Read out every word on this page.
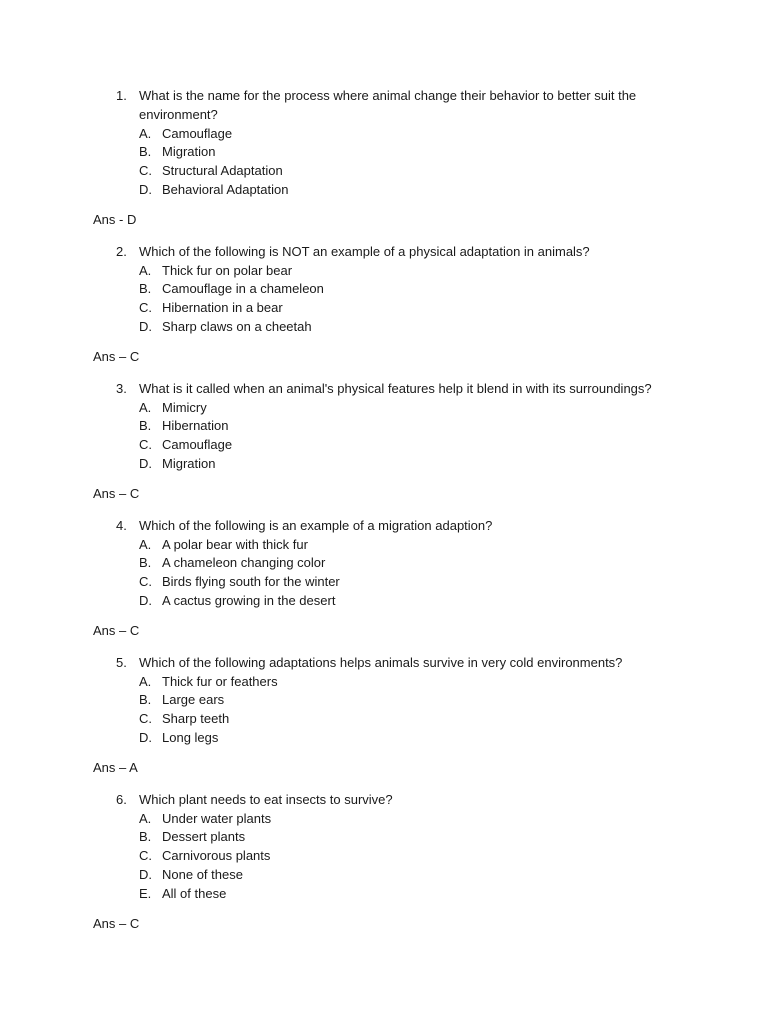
1. What is the name for the process where animal change their behavior to better suit the environment?
A. Camouflage
B. Migration
C. Structural Adaptation
D. Behavioral Adaptation
Ans - D
2. Which of the following is NOT an example of a physical adaptation in animals?
A. Thick fur on polar bear
B. Camouflage in a chameleon
C. Hibernation in a bear
D. Sharp claws on a cheetah
Ans – C
3. What is it called when an animal's physical features help it blend in with its surroundings?
A. Mimicry
B. Hibernation
C. Camouflage
D. Migration
Ans – C
4. Which of the following is an example of a migration adaption?
A. A polar bear with thick fur
B. A chameleon changing color
C. Birds flying south for the winter
D. A cactus growing in the desert
Ans – C
5. Which of the following adaptations helps animals survive in very cold environments?
A. Thick fur or feathers
B. Large ears
C. Sharp teeth
D. Long legs
Ans – A
6. Which plant needs to eat insects to survive?
A. Under water plants
B. Dessert plants
C. Carnivorous plants
D. None of these
E. All of these
Ans – C
